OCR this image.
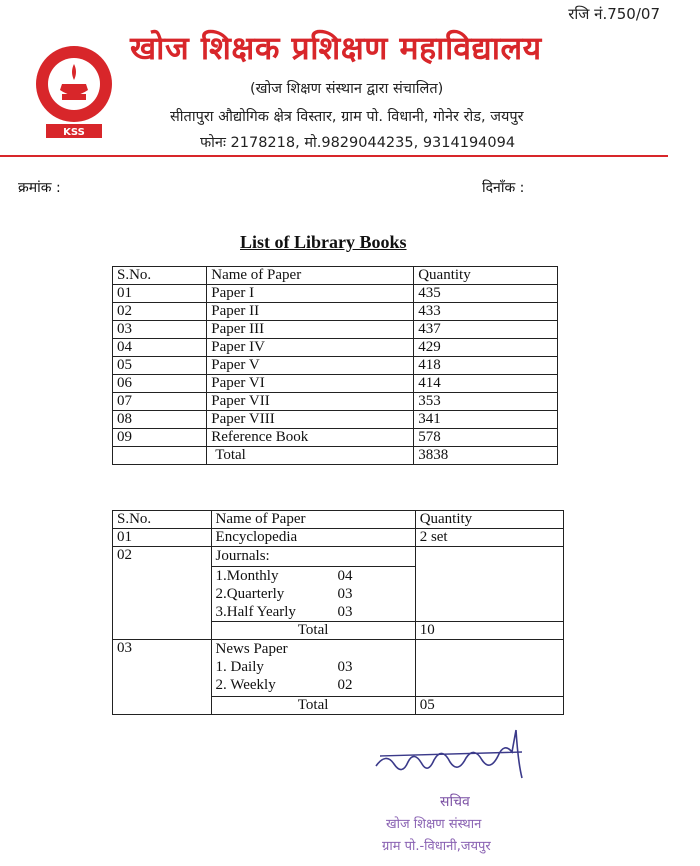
रजि नं.750/07
KSS
खोज शिक्षक प्रशिक्षण महाविद्यालय
(खोज शिक्षण संस्थान द्वारा संचालित)
सीतापुरा औद्योगिक क्षेत्र विस्तार, ग्राम पो. विधानी, गोनेर रोड, जयपुर
फोनः 2178218, मो.9829044235, 9314194094
क्रमांक :	दिनाँक :
List of Library Books
S.No.	Name of Paper	Quantity
01	Paper I	435
02	Paper II	433
03	Paper III	437
04	Paper IV	429
05	Paper V	418
06	Paper VI	414
07	Paper VII	353
08	Paper VIII	341
09	Reference Book	578
	Total	3838
S.No.	Name of Paper	Quantity
01	Encyclopedia	2 set
02	Journals:
1.Monthly	04
2.Quarterly	03
3.Half Yearly	03

Total	10
03	News Paper
1. Daily	03
2. Weekly	02

Total	05
सचिव
खोज शिक्षण संस्थान
ग्राम पो.-विधानी,जयपुर
